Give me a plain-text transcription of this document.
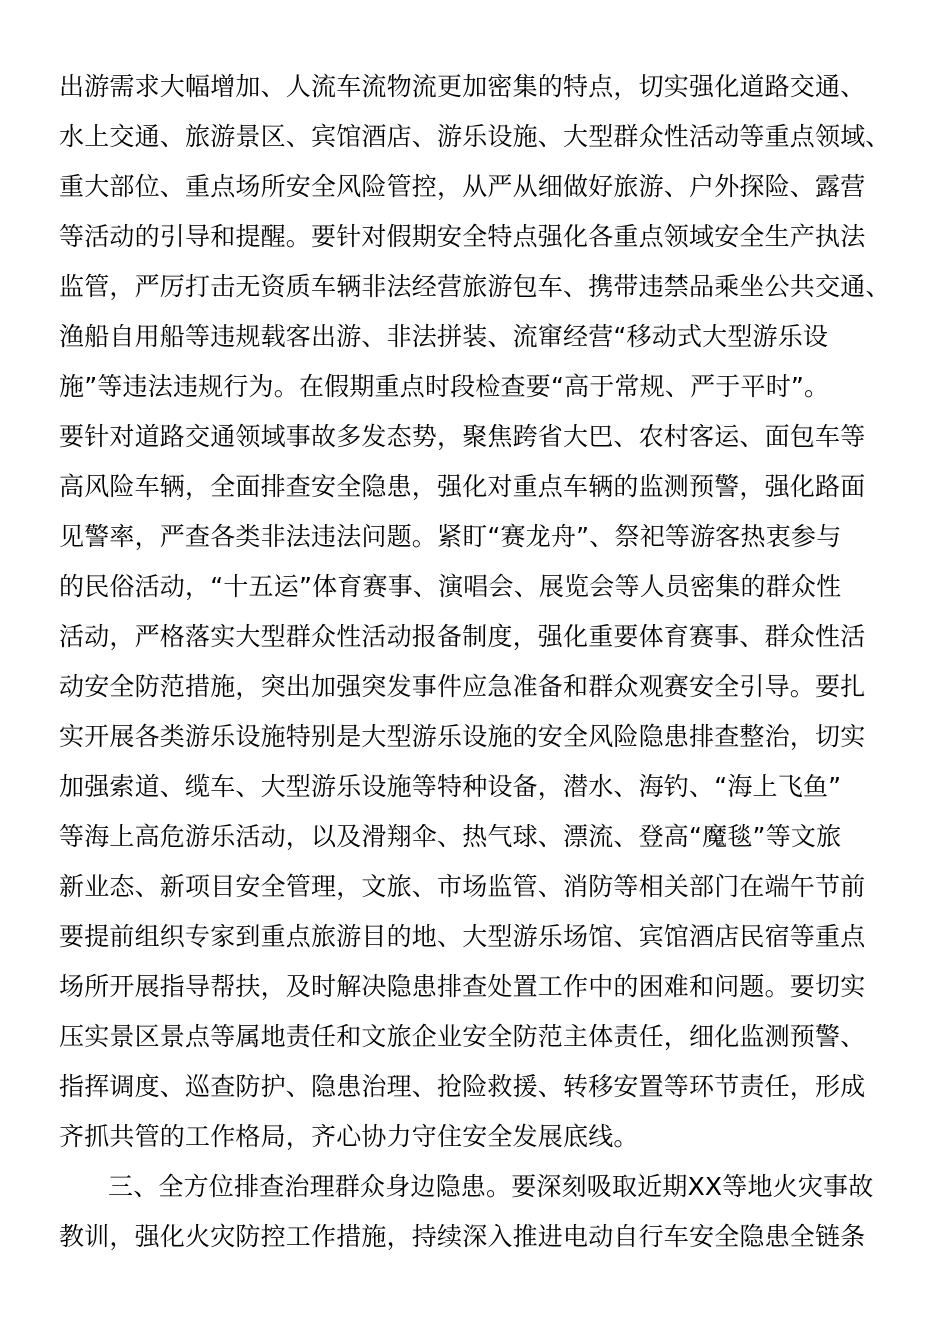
出游需求大幅增加、人流车流物流更加密集的特点，切实强化道路交通、
水上交通、旅游景区、宾馆酒店、游乐设施、大型群众性活动等重点领域、
重大部位、重点场所安全风险管控，从严从细做好旅游、户外探险、露营
等活动的引导和提醒。要针对假期安全特点强化各重点领域安全生产执法
监管，严厉打击无资质车辆非法经营旅游包车、携带违禁品乘坐公共交通、
渔船自用船等违规载客出游、非法拼装、流窜经营“移动式大型游乐设
施”等违法违规行为。在假期重点时段检查要“高于常规、严于平时”。
要针对道路交通领域事故多发态势，聚焦跨省大巴、农村客运、面包车等
高风险车辆，全面排查安全隐患，强化对重点车辆的监测预警，强化路面
见警率，严查各类非法违法问题。紧盯“赛龙舟”、祭祀等游客热衷参与
的民俗活动，“十五运”体育赛事、演唱会、展览会等人员密集的群众性
活动，严格落实大型群众性活动报备制度，强化重要体育赛事、群众性活
动安全防范措施，突出加强突发事件应急准备和群众观赛安全引导。要扎
实开展各类游乐设施特别是大型游乐设施的安全风险隐患排查整治，切实
加强索道、缆车、大型游乐设施等特种设备，潜水、海钓、“海上飞鱼”
等海上高危游乐活动，以及滑翔伞、热气球、漂流、登高“魔毯”等文旅
新业态、新项目安全管理，文旅、市场监管、消防等相关部门在端午节前
要提前组织专家到重点旅游目的地、大型游乐场馆、宾馆酒店民宿等重点
场所开展指导帮扶，及时解决隐患排查处置工作中的困难和问题。要切实
压实景区景点等属地责任和文旅企业安全防范主体责任，细化监测预警、
指挥调度、巡查防护、隐患治理、抢险救援、转移安置等环节责任，形成
齐抓共管的工作格局，齐心协力守住安全发展底线。
三、全方位排查治理群众身边隐患。要深刻吸取近期XX等地火灾事故
教训，强化火灾防控工作措施，持续深入推进电动自行车安全隐患全链条
